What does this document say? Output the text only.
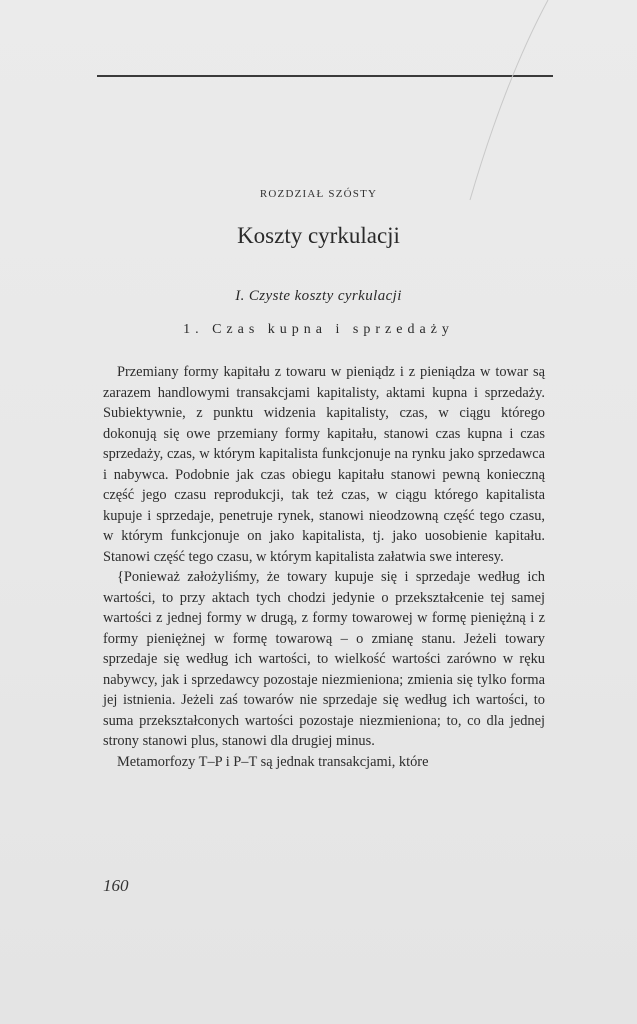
ROZDZIAŁ SZÓSTY
Koszty cyrkulacji
I. Czyste koszty cyrkulacji
1. Czas kupna i sprzedaży

Przemiany formy kapitału z towaru w pieniądz i z pieniądza w towar są zarazem handlowymi transakcjami kapitalisty, aktami kupna i sprzedaży. Subiektywnie, z punktu widzenia kapitalisty, czas, w ciągu którego dokonują się owe przemiany formy kapitału, stanowi czas kupna i czas sprzedaży, czas, w którym kapitalista funkcjonuje na rynku jako sprzedawca i nabywca. Podobnie jak czas obiegu kapitału stanowi pewną konieczną część jego czasu reprodukcji, tak też czas, w ciągu którego kapitalista kupuje i sprzedaje, penetruje rynek, stanowi nieodzowną część tego czasu, w którym funkcjonuje on jako kapitalista, tj. jako uosobienie kapitału. Stanowi część tego czasu, w którym kapitalista załatwia swe interesy.

{Ponieważ założyliśmy, że towary kupuje się i sprzedaje według ich wartości, to przy aktach tych chodzi jedynie o przekształcenie tej samej wartości z jednej formy w drugą, z formy towarowej w formę pieniężną i z formy pieniężnej w formę towarową – o zmianę stanu. Jeżeli towary sprzedaje się według ich wartości, to wielkość wartości zarówno w ręku nabywcy, jak i sprzedawcy pozostaje niezmieniona; zmienia się tylko forma jej istnienia. Jeżeli zaś towarów nie sprzedaje się według ich wartości, to suma przekształconych wartości pozostaje niezmieniona; to, co dla jednej strony stanowi plus, stanowi dla drugiej minus.

Metamorfozy T–P i P–T są jednak transakcjami, które

160
